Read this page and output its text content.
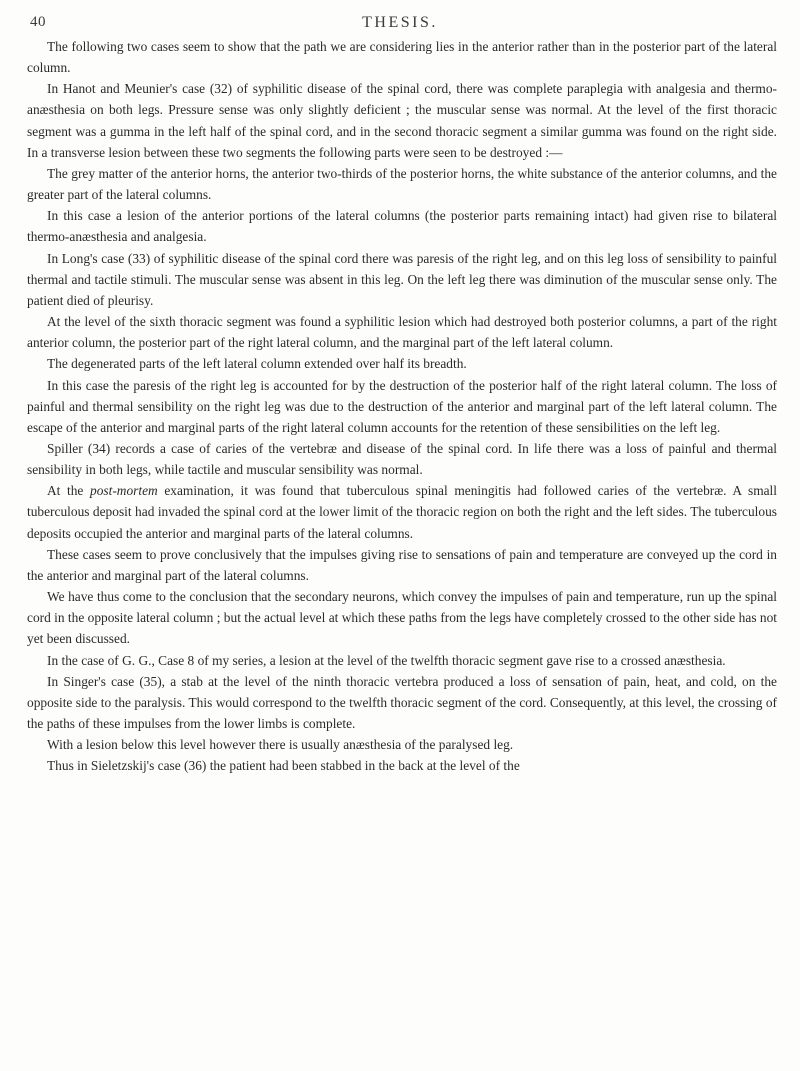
40	THESIS.

The following two cases seem to show that the path we are considering lies in the anterior rather than in the posterior part of the lateral column.

In Hanot and Meunier's case (32) of syphilitic disease of the spinal cord, there was complete paraplegia with analgesia and thermo-anæsthesia on both legs. Pressure sense was only slightly deficient ; the muscular sense was normal. At the level of the first thoracic segment was a gumma in the left half of the spinal cord, and in the second thoracic segment a similar gumma was found on the right side. In a transverse lesion between these two segments the following parts were seen to be destroyed :—

The grey matter of the anterior horns, the anterior two-thirds of the posterior horns, the white substance of the anterior columns, and the greater part of the lateral columns.

In this case a lesion of the anterior portions of the lateral columns (the posterior parts remaining intact) had given rise to bilateral thermo-anæsthesia and analgesia.

In Long's case (33) of syphilitic disease of the spinal cord there was paresis of the right leg, and on this leg loss of sensibility to painful thermal and tactile stimuli. The muscular sense was absent in this leg. On the left leg there was diminution of the muscular sense only. The patient died of pleurisy.

At the level of the sixth thoracic segment was found a syphilitic lesion which had destroyed both posterior columns, a part of the right anterior column, the posterior part of the right lateral column, and the marginal part of the left lateral column.

The degenerated parts of the left lateral column extended over half its breadth.

In this case the paresis of the right leg is accounted for by the destruction of the posterior half of the right lateral column. The loss of painful and thermal sensibility on the right leg was due to the destruction of the anterior and marginal part of the left lateral column. The escape of the anterior and marginal parts of the right lateral column accounts for the retention of these sensibilities on the left leg.

Spiller (34) records a case of caries of the vertebræ and disease of the spinal cord. In life there was a loss of painful and thermal sensibility in both legs, while tactile and muscular sensibility was normal.

At the post-mortem examination, it was found that tuberculous spinal meningitis had followed caries of the vertebræ. A small tuberculous deposit had invaded the spinal cord at the lower limit of the thoracic region on both the right and the left sides. The tuberculous deposits occupied the anterior and marginal parts of the lateral columns.

These cases seem to prove conclusively that the impulses giving rise to sensations of pain and temperature are conveyed up the cord in the anterior and marginal part of the lateral columns.

We have thus come to the conclusion that the secondary neurons, which convey the impulses of pain and temperature, run up the spinal cord in the opposite lateral column ; but the actual level at which these paths from the legs have completely crossed to the other side has not yet been discussed.

In the case of G. G., Case 8 of my series, a lesion at the level of the twelfth thoracic segment gave rise to a crossed anæsthesia.

In Singer's case (35), a stab at the level of the ninth thoracic vertebra produced a loss of sensation of pain, heat, and cold, on the opposite side to the paralysis. This would correspond to the twelfth thoracic segment of the cord. Consequently, at this level, the crossing of the paths of these impulses from the lower limbs is complete.

With a lesion below this level however there is usually anæsthesia of the paralysed leg.

Thus in Sieletzskij's case (36) the patient had been stabbed in the back at the level of the
